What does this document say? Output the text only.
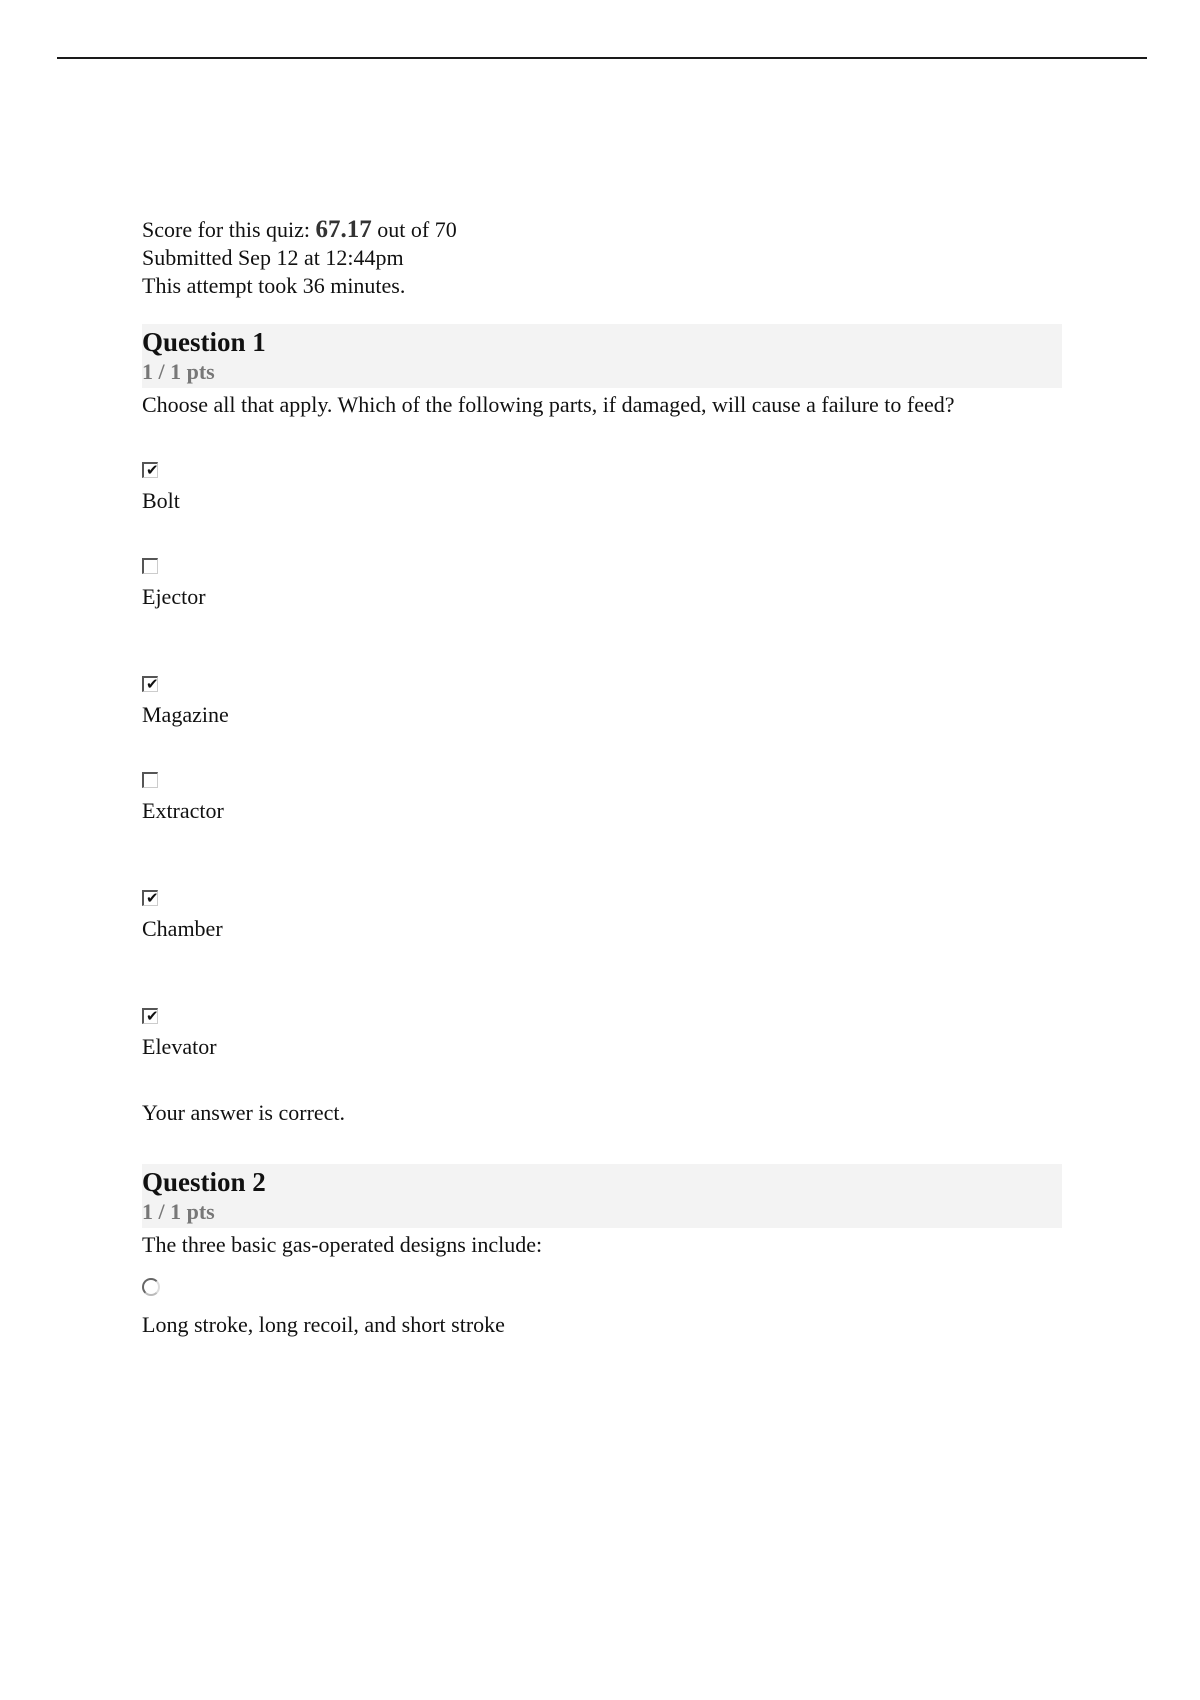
Score for this quiz: 67.17 out of 70
Submitted Sep 12 at 12:44pm
This attempt took 36 minutes.
Question 1
1 / 1 pts
Choose all that apply. Which of the following parts, if damaged, will cause a failure to feed?
✔
Bolt
Ejector
✔
Magazine
Extractor
✔
Chamber
✔
Elevator
Your answer is correct.
Question 2
1 / 1 pts
The three basic gas-operated designs include:
Long stroke, long recoil, and short stroke
